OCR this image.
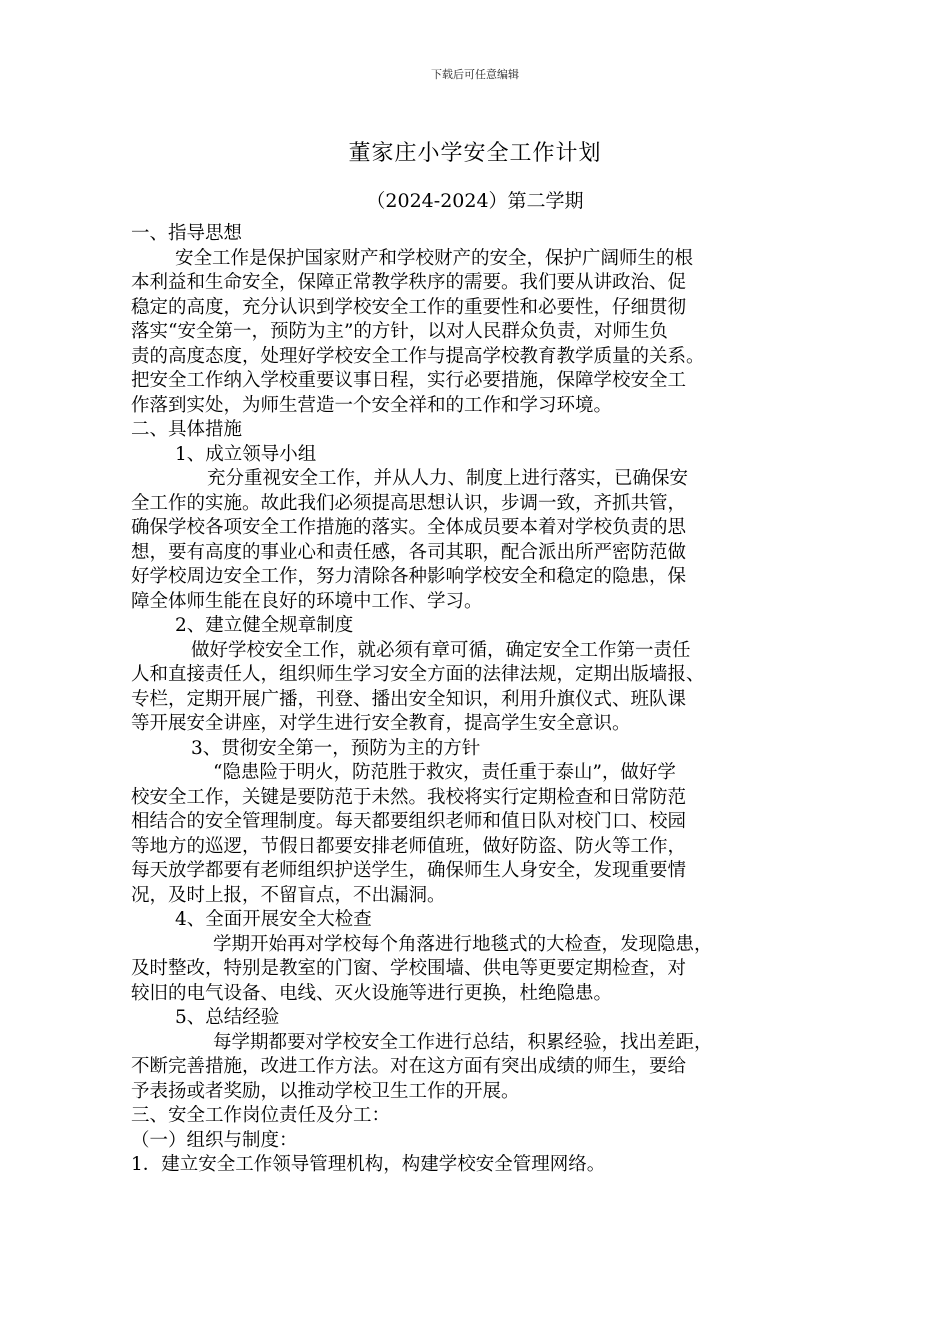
下载后可任意编辑
董家庄小学安全工作计划
（2024-2024）第二学期
一、指导思想
安全工作是保护国家财产和学校财产的安全，保护广阔师生的根
本利益和生命安全，保障正常教学秩序的需要。我们要从讲政治、促
稳定的高度，充分认识到学校安全工作的重要性和必要性，仔细贯彻
落实“安全第一，预防为主”的方针，以对人民群众负责，对师生负
责的高度态度，处理好学校安全工作与提高学校教育教学质量的关系。
把安全工作纳入学校重要议事日程，实行必要措施，保障学校安全工
作落到实处，为师生营造一个安全祥和的工作和学习环境。
二、具体措施
1、成立领导小组
充分重视安全工作，并从人力、制度上进行落实，已确保安
全工作的实施。故此我们必须提高思想认识，步调一致，齐抓共管，
确保学校各项安全工作措施的落实。全体成员要本着对学校负责的思
想，要有高度的事业心和责任感，各司其职，配合派出所严密防范做
好学校周边安全工作，努力清除各种影响学校安全和稳定的隐患，保
障全体师生能在良好的环境中工作、学习。
2、建立健全规章制度
做好学校安全工作，就必须有章可循，确定安全工作第一责任
人和直接责任人，组织师生学习安全方面的法律法规，定期出版墙报、
专栏，定期开展广播，刊登、播出安全知识，利用升旗仪式、班队课
等开展安全讲座，对学生进行安全教育，提高学生安全意识。
3、贯彻安全第一，预防为主的方针
“隐患险于明火，防范胜于救灾，责任重于泰山”，做好学
校安全工作，关键是要防范于未然。我校将实行定期检查和日常防范
相结合的安全管理制度。每天都要组织老师和值日队对校门口、校园
等地方的巡逻，节假日都要安排老师值班，做好防盗、防火等工作，
每天放学都要有老师组织护送学生，确保师生人身安全，发现重要情
况，及时上报，不留盲点，不出漏洞。
4、全面开展安全大检查
学期开始再对学校每个角落进行地毯式的大检查，发现隐患，
及时整改，特别是教室的门窗、学校围墙、供电等更要定期检查，对
较旧的电气设备、电线、灭火设施等进行更换，杜绝隐患。
5、总结经验
每学期都要对学校安全工作进行总结，积累经验，找出差距，
不断完善措施，改进工作方法。对在这方面有突出成绩的师生，要给
予表扬或者奖励，以推动学校卫生工作的开展。
三、安全工作岗位责任及分工：
（一）组织与制度：
1．建立安全工作领导管理机构，构建学校安全管理网络。
